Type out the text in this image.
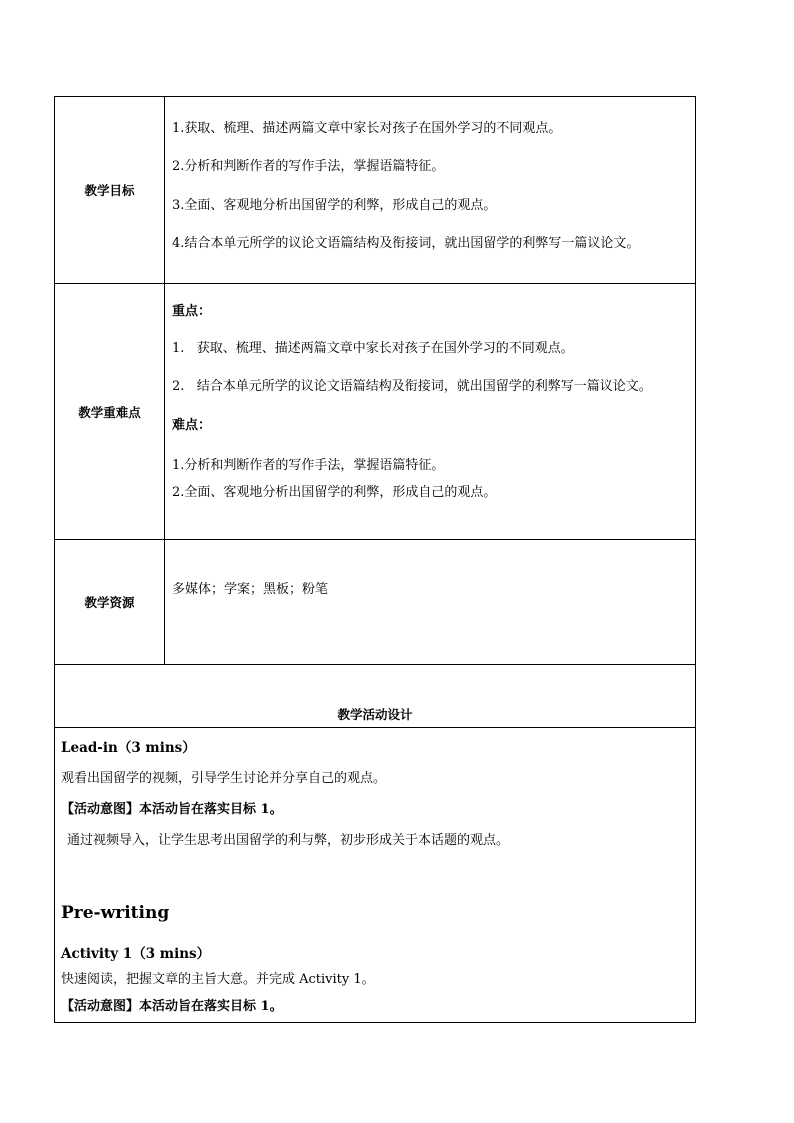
教学目标
1.获取、梳理、描述两篇文章中家长对孩子在国外学习的不同观点。
2.分析和判断作者的写作手法，掌握语篇特征。
3.全面、客观地分析出国留学的利弊，形成自己的观点。
4.结合本单元所学的议论文语篇结构及衔接词，就出国留学的利弊写一篇议论文。
教学重难点
重点：
1.   获取、梳理、描述两篇文章中家长对孩子在国外学习的不同观点。
2.   结合本单元所学的议论文语篇结构及衔接词，就出国留学的利弊写一篇议论文。
难点：
1.分析和判断作者的写作手法，掌握语篇特征。
2.全面、客观地分析出国留学的利弊，形成自己的观点。
教学资源
多媒体；学案；黑板；粉笔
教学活动设计
Lead-in（3 mins）
观看出国留学的视频，引导学生讨论并分享自己的观点。
【活动意图】本活动旨在落实目标 1。
通过视频导入，让学生思考出国留学的利与弊，初步形成关于本话题的观点。
Pre-writing
Activity 1（3 mins）
快速阅读，把握文章的主旨大意。并完成 Activity 1。
【活动意图】本活动旨在落实目标 1。
